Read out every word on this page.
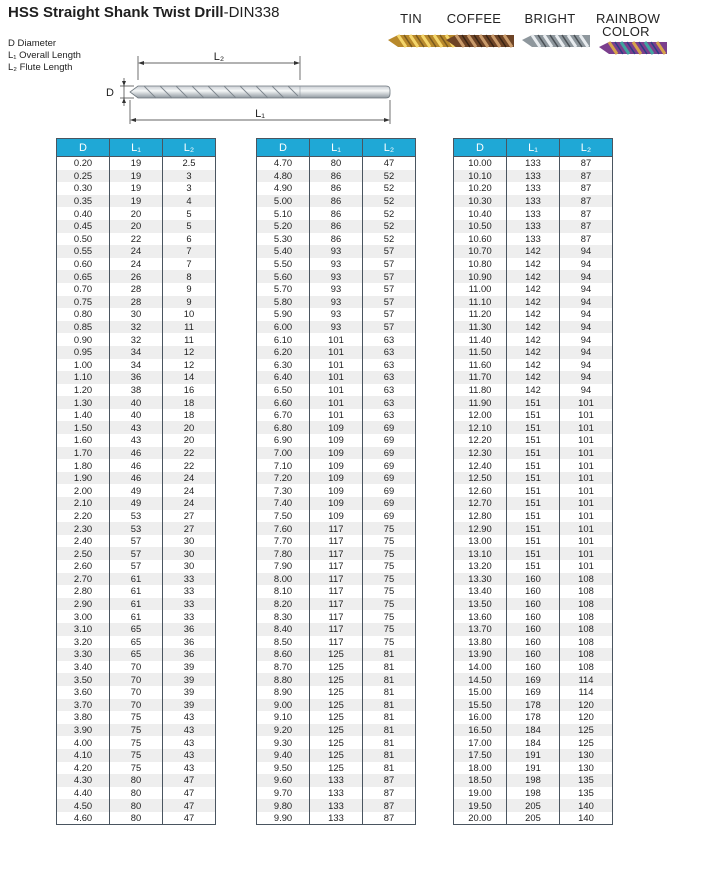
HSS Straight Shank Twist Drill-DIN338
D Diameter
L₁ Overall Length
L₂ Flute Length
L₂
D
L₁
TIN	COFFEE	BRIGHT	RAINBOW COLOR
D	L₁	L₂
0.20	19	2.5
0.25	19	3
0.30	19	3
0.35	19	4
0.40	20	5
0.45	20	5
0.50	22	6
0.55	24	7
0.60	24	7
0.65	26	8
0.70	28	9
0.75	28	9
0.80	30	10
0.85	32	11
0.90	32	11
0.95	34	12
1.00	34	12
1.10	36	14
1.20	38	16
1.30	40	18
1.40	40	18
1.50	43	20
1.60	43	20
1.70	46	22
1.80	46	22
1.90	46	24
2.00	49	24
2.10	49	24
2.20	53	27
2.30	53	27
2.40	57	30
2.50	57	30
2.60	57	30
2.70	61	33
2.80	61	33
2.90	61	33
3.00	61	33
3.10	65	36
3.20	65	36
3.30	65	36
3.40	70	39
3.50	70	39
3.60	70	39
3.70	70	39
3.80	75	43
3.90	75	43
4.00	75	43
4.10	75	43
4.20	75	43
4.30	80	47
4.40	80	47
4.50	80	47
4.60	80	47
D	L₁	L₂
4.70	80	47
4.80	86	52
4.90	86	52
5.00	86	52
5.10	86	52
5.20	86	52
5.30	86	52
5.40	93	57
5.50	93	57
5.60	93	57
5.70	93	57
5.80	93	57
5.90	93	57
6.00	93	57
6.10	101	63
6.20	101	63
6.30	101	63
6.40	101	63
6.50	101	63
6.60	101	63
6.70	101	63
6.80	109	69
6.90	109	69
7.00	109	69
7.10	109	69
7.20	109	69
7.30	109	69
7.40	109	69
7.50	109	69
7.60	117	75
7.70	117	75
7.80	117	75
7.90	117	75
8.00	117	75
8.10	117	75
8.20	117	75
8.30	117	75
8.40	117	75
8.50	117	75
8.60	125	81
8.70	125	81
8.80	125	81
8.90	125	81
9.00	125	81
9.10	125	81
9.20	125	81
9.30	125	81
9.40	125	81
9.50	125	81
9.60	133	87
9.70	133	87
9.80	133	87
9.90	133	87
D	L₁	L₂
10.00	133	87
10.10	133	87
10.20	133	87
10.30	133	87
10.40	133	87
10.50	133	87
10.60	133	87
10.70	142	94
10.80	142	94
10.90	142	94
11.00	142	94
11.10	142	94
11.20	142	94
11.30	142	94
11.40	142	94
11.50	142	94
11.60	142	94
11.70	142	94
11.80	142	94
11.90	151	101
12.00	151	101
12.10	151	101
12.20	151	101
12.30	151	101
12.40	151	101
12.50	151	101
12.60	151	101
12.70	151	101
12.80	151	101
12.90	151	101
13.00	151	101
13.10	151	101
13.20	151	101
13.30	160	108
13.40	160	108
13.50	160	108
13.60	160	108
13.70	160	108
13.80	160	108
13.90	160	108
14.00	160	108
14.50	169	114
15.00	169	114
15.50	178	120
16.00	178	120
16.50	184	125
17.00	184	125
17.50	191	130
18.00	191	130
18.50	198	135
19.00	198	135
19.50	205	140
20.00	205	140
